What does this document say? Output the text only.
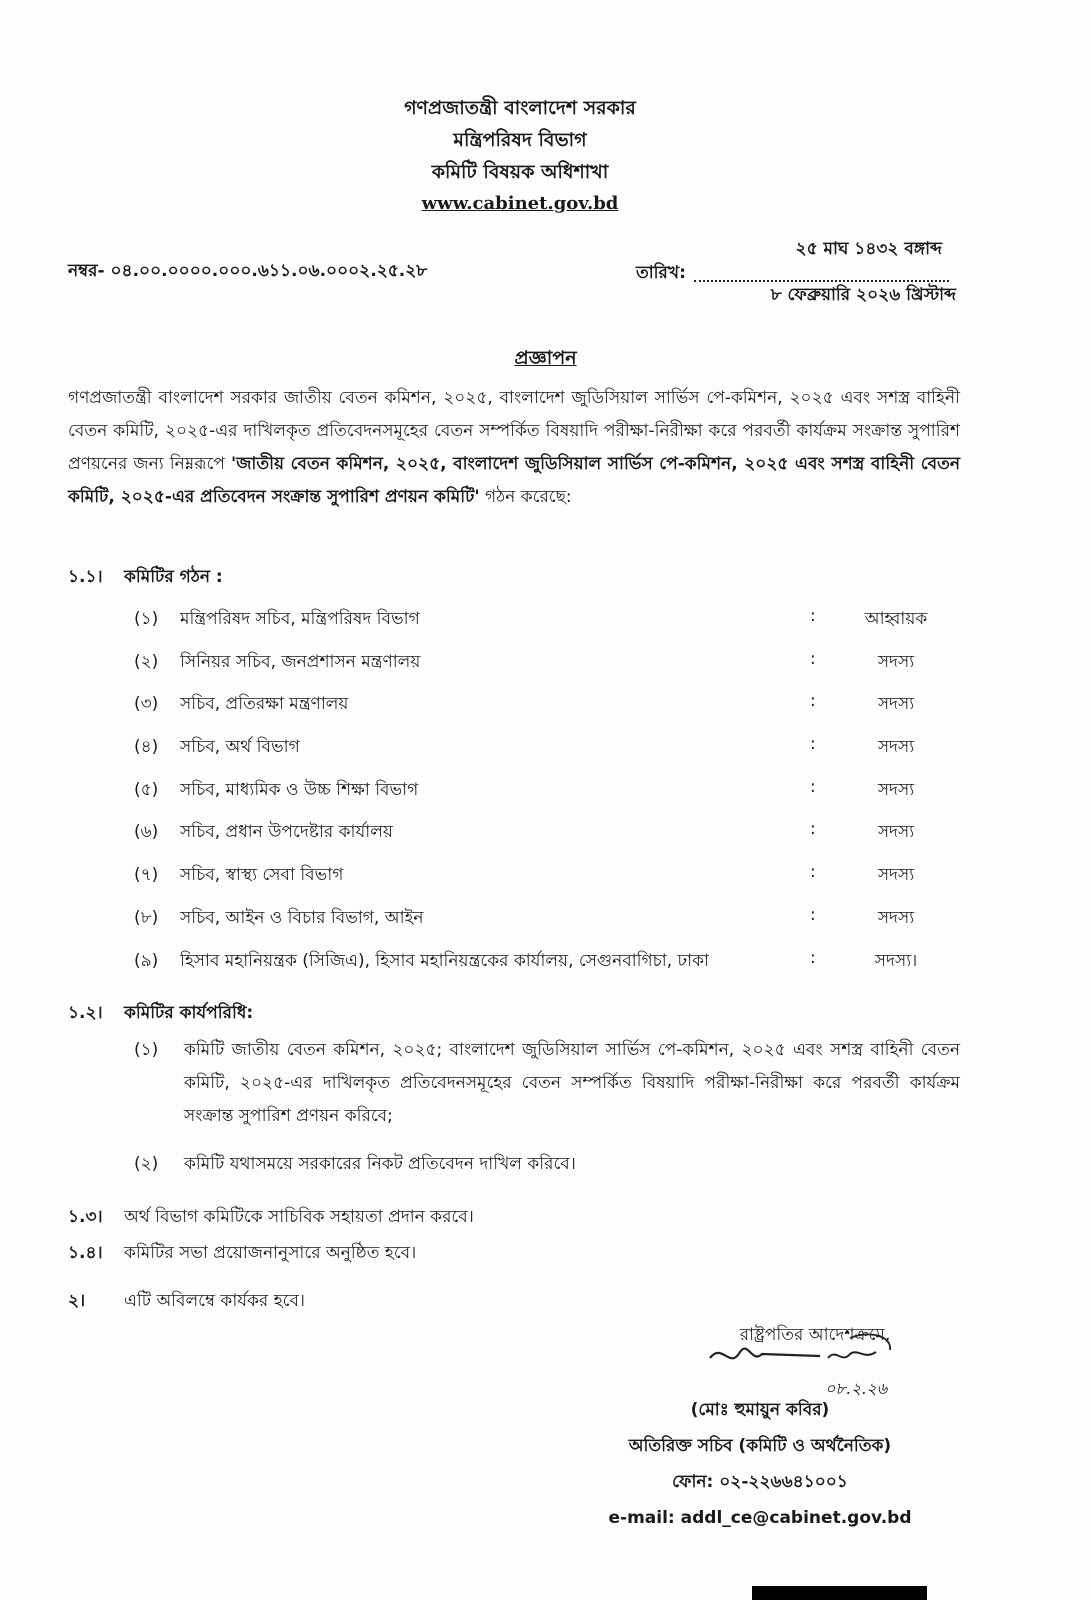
গণপ্রজাতন্ত্রী বাংলাদেশ সরকার
মন্ত্রিপরিষদ বিভাগ
কমিটি বিষয়ক অধিশাখা
www.cabinet.gov.bd
নম্বর- ০৪.০০.০০০০.০০০.৬১১.০৬.০০০২.২৫.২৮
২৫ মাঘ ১৪৩২ বঙ্গাব্দ
তারিখ:
৮ ফেব্রুয়ারি ২০২৬ খ্রিস্টাব্দ
প্রজ্ঞাপন
গণপ্রজাতন্ত্রী বাংলাদেশ সরকার জাতীয় বেতন কমিশন, ২০২৫, বাংলাদেশ জুডিসিয়াল সার্ভিস পে-কমিশন, ২০২৫ এবং সশস্ত্র বাহিনী বেতন কমিটি, ২০২৫-এর দাখিলকৃত প্রতিবেদনসমূহের বেতন সম্পর্কিত বিষয়াদি পরীক্ষা-নিরীক্ষা করে পরবর্তী কার্যক্রম সংক্রান্ত সুপারিশ প্রণয়নের জন্য নিম্নরূপে 'জাতীয় বেতন কমিশন, ২০২৫, বাংলাদেশ জুডিসিয়াল সার্ভিস পে-কমিশন, ২০২৫ এবং সশস্ত্র বাহিনী বেতন কমিটি, ২০২৫-এর প্রতিবেদন সংক্রান্ত সুপারিশ প্রণয়ন কমিটি' গঠন করেছে:
১.১। কমিটির গঠন :
(১)	মন্ত্রিপরিষদ সচিব, মন্ত্রিপরিষদ বিভাগ	:	আহ্বায়ক
(২)	সিনিয়র সচিব, জনপ্রশাসন মন্ত্রণালয়	:	সদস্য
(৩)	সচিব, প্রতিরক্ষা মন্ত্রণালয়	:	সদস্য
(৪)	সচিব, অর্থ বিভাগ	:	সদস্য
(৫)	সচিব, মাধ্যমিক ও উচ্চ শিক্ষা বিভাগ	:	সদস্য
(৬)	সচিব, প্রধান উপদেষ্টার কার্যালয়	:	সদস্য
(৭)	সচিব, স্বাস্থ্য সেবা বিভাগ	:	সদস্য
(৮)	সচিব, আইন ও বিচার বিভাগ, আইন	:	সদস্য
(৯)	হিসাব মহানিয়ন্ত্রক (সিজিএ), হিসাব মহানিয়ন্ত্রকের কার্যালয়, সেগুনবাগিচা, ঢাকা	:	সদস্য।
১.২। কমিটির কার্যপরিধি:
(১) কমিটি জাতীয় বেতন কমিশন, ২০২৫; বাংলাদেশ জুডিসিয়াল সার্ভিস পে-কমিশন, ২০২৫ এবং সশস্ত্র বাহিনী বেতন কমিটি, ২০২৫-এর দাখিলকৃত প্রতিবেদনসমূহের বেতন সম্পর্কিত বিষয়াদি পরীক্ষা-নিরীক্ষা করে পরবর্তী কার্যক্রম সংক্রান্ত সুপারিশ প্রণয়ন করিবে;
(২) কমিটি যথাসময়ে সরকারের নিকট প্রতিবেদন দাখিল করিবে।
১.৩। অর্থ বিভাগ কমিটিকে সাচিবিক সহায়তা প্রদান করবে।
১.৪। কমিটির সভা প্রয়োজনানুসারে অনুষ্ঠিত হবে।
২। এটি অবিলম্বে কার্যকর হবে।
রাষ্ট্রপতির আদেশক্রমে,
০৮.২.২৬
(মোঃ হুমায়ুন কবির)
অতিরিক্ত সচিব (কমিটি ও অর্থনৈতিক)
ফোন: ০২-২২৬৬৪১০০১
e-mail: addl_ce@cabinet.gov.bd
